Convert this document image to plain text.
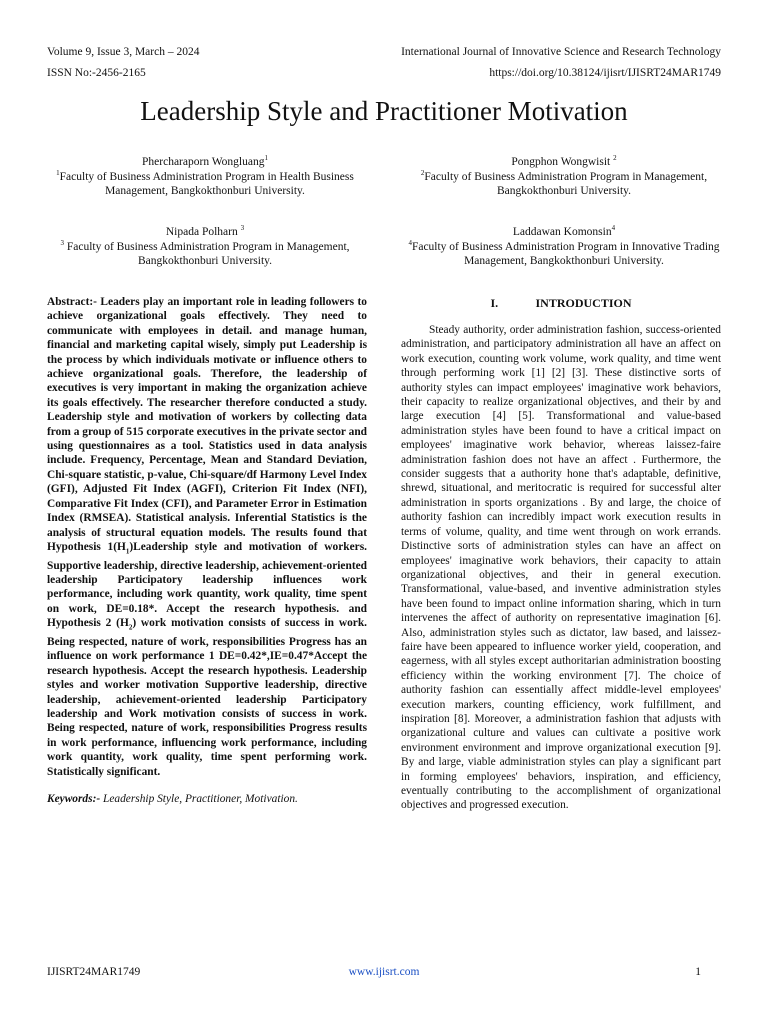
Volume 9, Issue 3, March – 2024
ISSN No:-2456-2165
International Journal of Innovative Science and Research Technology
https://doi.org/10.38124/ijisrt/IJISRT24MAR1749
Leadership Style and Practitioner Motivation
Phercharaporn Wongluang$^1$
$^1$Faculty of Business Administration Program in Health Business Management, Bangkokthonburi University.
Pongphon Wongwisit $^2$
$^2$Faculty of Business Administration Program in Management, Bangkokthonburi University.
Nipada Polharn $^3$
$^3$ Faculty of Business Administration Program in Management, Bangkokthonburi University.
Laddawan Komonsin$^4$
$^4$Faculty of Business Administration Program in Innovative Trading Management, Bangkokthonburi University.

Abstract:- Leaders play an important role in leading followers to achieve organizational goals effectively. They need to communicate with employees in detail. and manage human, financial and marketing capital wisely, simply put Leadership is the process by which individuals motivate or influence others to achieve organizational goals. Therefore, the leadership of executives is very important in making the organization achieve its goals effectively. The researcher therefore conducted a study. Leadership style and motivation of workers by collecting data from a group of 515 corporate executives in the private sector and using questionnaires as a tool. Statistics used in data analysis include. Frequency, Percentage, Mean and Standard Deviation, Chi-square statistic, p-value, Chi-square/df Harmony Level Index (GFI), Adjusted Fit Index (AGFI), Criterion Fit Index (NFI), Comparative Fit Index (CFI), and Parameter Error in Estimation Index (RMSEA). Statistical analysis. Inferential Statistics is the analysis of structural equation models. The results found that Hypothesis $1(H_1)Leadership$ style and motivation of workers. Supportive leadership, directive leadership, achievement-oriented leadership Participatory leadership influences work performance, including work quantity, work quality, time spent on work, DE=0.18*. Accept the research hypothesis. and Hypothesis 2 $(H_2)$ work motivation consists of success in work. Being respected, nature of work, responsibilities Progress has an influence on work performance 1 DE=0.42*,IE=0.47*Accept the research hypothesis. Accept the research hypothesis. Leadership styles and worker motivation Supportive leadership, directive leadership, achievement-oriented leadership Participatory leadership and Work motivation consists of success in work. Being respected, nature of work, responsibilities Progress results in work performance, influencing work performance, including work quantity, work quality, time spent performing work. Statistically significant.

Keywords:- Leadership Style, Practitioner, Motivation.

I.	INTRODUCTION

Steady authority, order administration fashion, success-oriented administration, and participatory administration all have an affect on work execution, counting work volume, work quality, and time went through performing work [1] [2] [3]. These distinctive sorts of authority styles can impact employees' imaginative work behaviors, their capacity to realize organizational objectives, and their by and large execution [4] [5]. Transformational and value-based administration styles have been found to have a critical impact on employees' imaginative work behavior, whereas laissez-faire administration fashion does not have an affect . Furthermore, the consider suggests that a authority hone that's adaptable, definitive, shrewd, situational, and meritocratic is required for successful alter administration in sports organizations . By and large, the choice of authority fashion can incredibly impact work execution results in terms of volume, quality, and time went through on work errands. Distinctive sorts of administration styles can have an affect on employees' imaginative work behaviors, their capacity to attain organizational objectives, and their in general execution. Transformational, value-based, and inventive administration styles have been found to impact online information sharing, which in turn intervenes the affect of authority on representative imagination [6]. Also, administration styles such as dictator, law based, and laissez-faire have been appeared to influence worker yield, cooperation, and eagerness, with all styles except authoritarian administration boosting efficiency within the working environment [7]. The choice of authority fashion can essentially affect middle-level employees' execution markers, counting efficiency, work fulfillment, and inspiration [8]. Moreover, a administration fashion that adjusts with organizational culture and values can cultivate a positive work environment environment and improve organizational execution [9]. By and large, viable administration styles can play a significant part in forming employees' behaviors, inspiration, and efficiency, eventually contributing to the accomplishment of organizational objectives and progressed execution.

IJISRT24MAR1749	www.ijisrt.com	1
